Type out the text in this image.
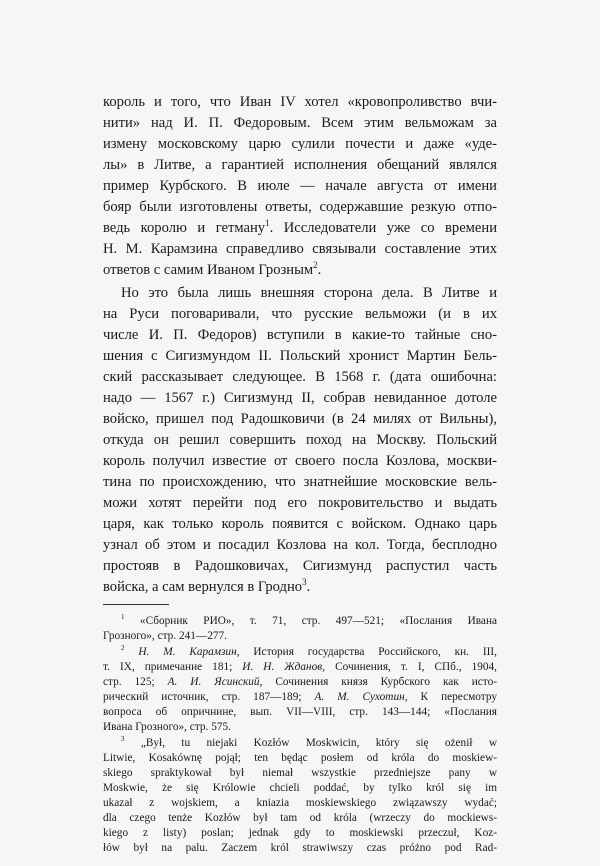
король и того, что Иван IV хотел «кровопроливство вчи-
нити» над И. П. Федоровым. Всем этим вельможам за
измену московскому царю сулили почести и даже «уде-
лы» в Литве, а гарантией исполнения обещаний являлся
пример Курбского. В июле — начале августа от имени
бояр были изготовлены ответы, содержавшие резкую отпо-
ведь королю и гетману$^1$. Исследователи уже со времени
Н. М. Карамзина справедливо связывали составление этих
ответов с самим Иваном Грозным$^2$.
Но это была лишь внешняя сторона дела. В Литве и
на Руси поговаривали, что русские вельможи (и в их
числе И. П. Федоров) вступили в какие-то тайные сно-
шения с Сигизмундом II. Польский хронист Мартин Бель-
ский рассказывает следующее. В 1568 г. (дата ошибочна:
надо — 1567 г.) Сигизмунд II, собрав невиданное дотоле
войско, пришел под Радошковичи (в 24 милях от Вильны),
откуда он решил совершить поход на Москву. Польский
король получил известие от своего посла Козлова, москви-
тина по происхождению, что знатнейшие московские вель-
можи хотят перейти под его покровительство и выдать
царя, как только король появится с войском. Однако царь
узнал об этом и посадил Козлова на кол. Тогда, бесплодно
простояв в Радошковичах, Сигизмунд распустил часть
войска, а сам вернулся в Гродно$^3$.
$^1$ «Сборник РИО», т. 71, стр. 497—521; «Послания Ивана
Грозного», стр. 241—277.
$^2$ Н. М. Карамзин, История государства Российского, кн. III,
т. IX, примечание 181; И. Н. Жданов, Сочинения, т. I, СПб., 1904,
стр. 125; А. И. Ясинский, Сочинения князя Курбского как исто-
рический источник, стр. 187—189; А. М. Сухотин, К пересмотру
вопроса об опричнине, вып. VII—VIII, стр. 143—144; «Послания
Ивана Грозного», стр. 575.
$^3$ „Był, tu niejaki Kozłów Moskwicin, który się ożenił w
Litwie, Kosakównę pojął; ten będąc posłem od króla do moskiew-
skiego spraktykował był niemał wszystkie przedniejsze pany w
Moskwie, że się Królowie chcieli poddać, by tylko król się im
ukazał z wojskiem, a kniazia moskiewskiego związawszy wydać;
dla czego tenże Kozłów był tam od króla (wrzeczy do mockiews-
kiego z listy) poslan; jednak gdy to moskiewski przeczuł, Koz-
łów był na palu. Zaczem król strawiwszy czas próżno pod Rad-
